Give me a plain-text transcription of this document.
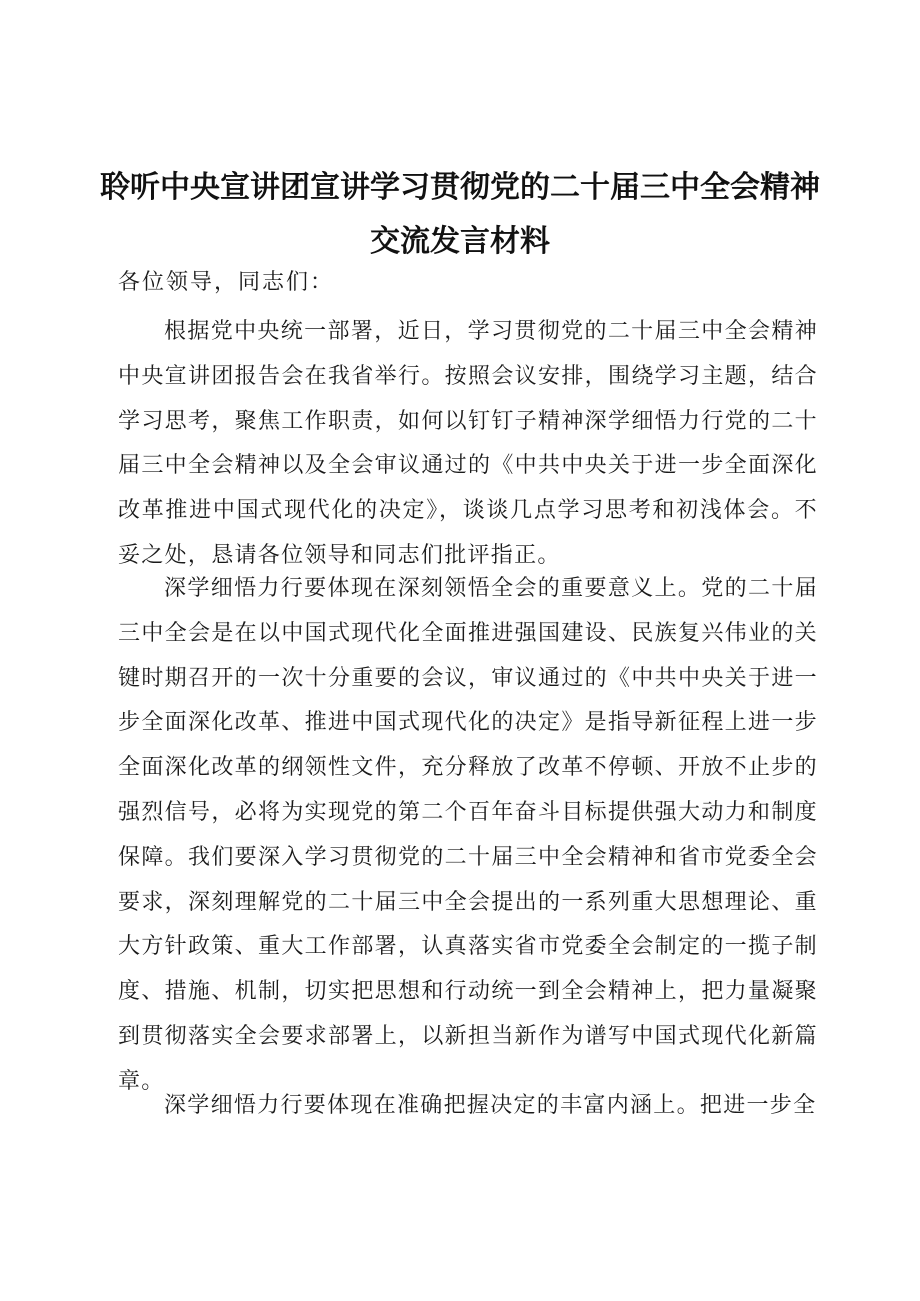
聆听中央宣讲团宣讲学习贯彻党的二十届三中全会精神
交流发言材料
各位领导，同志们：

根据党中央统一部署，近日，学习贯彻党的二十届三中全会精神中央宣讲团报告会在我省举行。按照会议安排，围绕学习主题，结合学习思考，聚焦工作职责，如何以钉钉子精神深学细悟力行党的二十届三中全会精神以及全会审议通过的《中共中央关于进一步全面深化改革推进中国式现代化的决定》，谈谈几点学习思考和初浅体会。不妥之处，恳请各位领导和同志们批评指正。

深学细悟力行要体现在深刻领悟全会的重要意义上。党的二十届三中全会是在以中国式现代化全面推进强国建设、民族复兴伟业的关键时期召开的一次十分重要的会议，审议通过的《中共中央关于进一步全面深化改革、推进中国式现代化的决定》是指导新征程上进一步全面深化改革的纲领性文件，充分释放了改革不停顿、开放不止步的强烈信号，必将为实现党的第二个百年奋斗目标提供强大动力和制度保障。我们要深入学习贯彻党的二十届三中全会精神和省市党委全会要求，深刻理解党的二十届三中全会提出的一系列重大思想理论、重大方针政策、重大工作部署，认真落实省市党委全会制定的一揽子制度、措施、机制，切实把思想和行动统一到全会精神上，把力量凝聚到贯彻落实全会要求部署上，以新担当新作为谱写中国式现代化新篇章。

深学细悟力行要体现在准确把握决定的丰富内涵上。把进一步全
